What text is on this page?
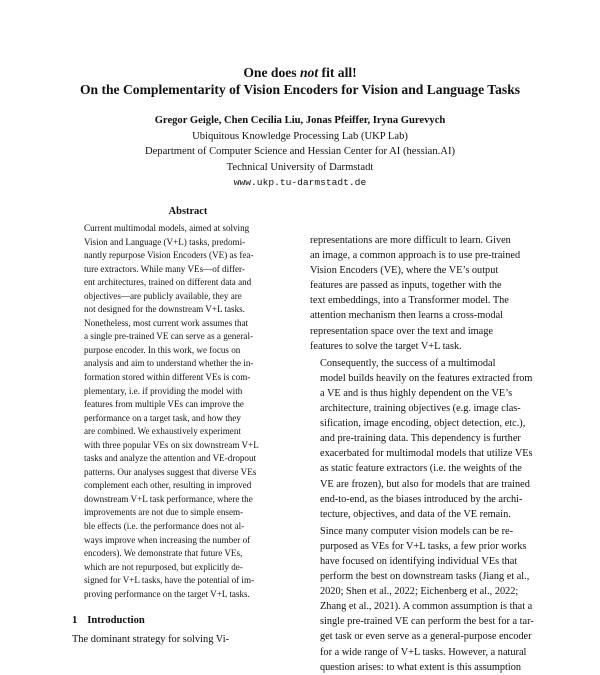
One does not fit all!
On the Complementarity of Vision Encoders for Vision and Language Tasks
Gregor Geigle, Chen Cecilia Liu, Jonas Pfeiffer, Iryna Gurevych
Ubiquitous Knowledge Processing Lab (UKP Lab)
Department of Computer Science and Hessian Center for AI (hessian.AI)
Technical University of Darmstadt
www.ukp.tu-darmstadt.de
Abstract
Current multimodal models, aimed at solving
Vision and Language (V+L) tasks, predomi-
nantly repurpose Vision Encoders (VE) as fea-
ture extractors. While many VEs—of differ-
ent architectures, trained on different data and
objectives—are publicly available, they are
not designed for the downstream V+L tasks.
Nonetheless, most current work assumes that
a single pre-trained VE can serve as a general-
purpose encoder. In this work, we focus on
analysis and aim to understand whether the in-
formation stored within different VEs is com-
plementary, i.e. if providing the model with
features from multiple VEs can improve the
performance on a target task, and how they
are combined. We exhaustively experiment
with three popular VEs on six downstream V+L
tasks and analyze the attention and VE-dropout
patterns. Our analyses suggest that diverse VEs
complement each other, resulting in improved
downstream V+L task performance, where the
improvements are not due to simple ensem-
ble effects (i.e. the performance does not al-
ways improve when increasing the number of
encoders). We demonstrate that future VEs,
which are not repurposed, but explicitly de-
signed for V+L tasks, have the potential of im-
proving performance on the target V+L tasks.
1 Introduction
The dominant strategy for solving Vi-

representations are more difficult to learn. Given
an image, a common approach is to use pre-trained
Vision Encoders (VE), where the VE’s output
features are passed as inputs, together with the
text embeddings, into a Transformer model. The
attention mechanism then learns a cross-modal
representation space over the text and image
features to solve the target V+L task.

Consequently, the success of a multimodal
model builds heavily on the features extracted from
a VE and is thus highly dependent on the VE’s
architecture, training objectives (e.g. image clas-
sification, image encoding, object detection, etc.),
and pre-training data. This dependency is further
exacerbated for multimodal models that utilize VEs
as static feature extractors (i.e. the weights of the
VE are frozen), but also for models that are trained
end-to-end, as the biases introduced by the archi-
tecture, objectives, and data of the VE remain.

Since many computer vision models can be re-
purposed as VEs for V+L tasks, a few prior works
have focused on identifying individual VEs that
perform the best on downstream tasks (Jiang et al.,
2020; Shen et al., 2022; Eichenberg et al., 2022;
Zhang et al., 2021). A common assumption is that a
single pre-trained VE can perform the best for a tar-
get task or even serve as a general-purpose encoder
for a wide range of V+L tasks. However, a natural
question arises: to what extent is this assumption
